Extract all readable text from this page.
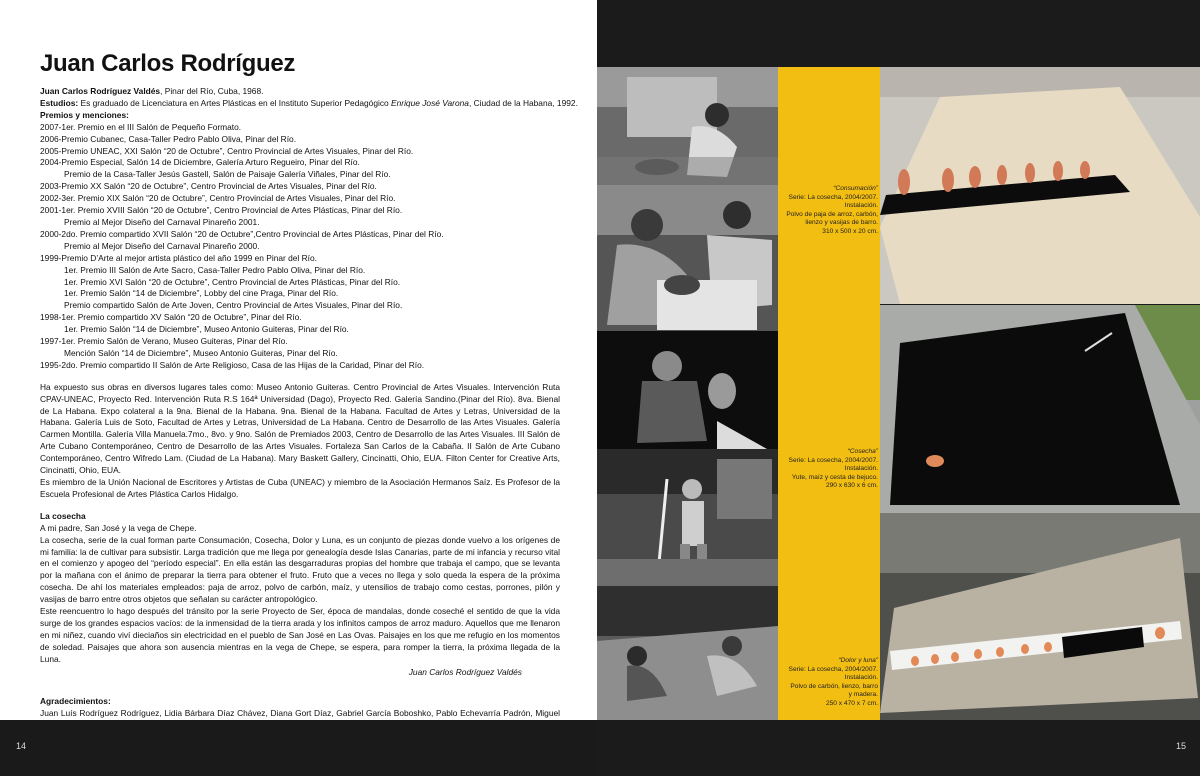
Juan Carlos Rodríguez
Juan Carlos Rodríguez Valdés, Pinar del Río, Cuba, 1968.
Estudios: Es graduado de Licenciatura en Artes Plásticas en el Instituto Superior Pedagógico Enrique José Varona, Ciudad de la Habana, 1992.
Premios y menciones:
2007-1er. Premio en el III Salón de Pequeño Formato.
2006-Premio Cubanec, Casa-Taller Pedro Pablo Oliva, Pinar del Río.
2005-Premio UNEAC, XXI Salón “20 de Octubre”, Centro Provincial de Artes Visuales, Pinar del Río.
2004-Premio Especial, Salón 14 de Diciembre, Galería Arturo Regueiro, Pinar del Río.
Premio de la Casa-Taller Jesús Gastell, Salón de Paisaje Galería Viñales, Pinar del Río.
2003-Premio XX Salón “20 de Octubre”, Centro Provincial de Artes Visuales, Pinar del Río.
2002-3er. Premio XIX Salón “20 de Octubre”, Centro Provincial de Artes Visuales, Pinar del Río.
2001-1er. Premio XVIII Salón “20 de Octubre”, Centro Provincial de Artes Plásticas, Pinar del Río.
Premio al Mejor Diseño del Carnaval Pinareño 2001.
2000-2do. Premio compartido XVII Salón “20 de Octubre”,Centro Provincial de Artes Plásticas, Pinar del Río.
Premio al Mejor Diseño del Carnaval Pinareño 2000.
1999-Premio D’Arte al mejor artista plástico del año 1999 en Pinar del Río.
1er. Premio III Salón de Arte Sacro, Casa-Taller Pedro Pablo Oliva, Pinar del Río.
1er. Premio XVI Salón “20 de Octubre”, Centro Provincial de Artes Plásticas, Pinar del Río.
1er. Premio Salón “14 de Diciembre”, Lobby del cine Praga, Pinar del Río.
Premio compartido Salón de Arte Joven, Centro Provincial de Artes Visuales, Pinar del Río.
1998-1er. Premio compartido XV Salón “20 de Octubre”, Pinar del Río.
1er. Premio Salón “14 de Diciembre”, Museo Antonio Guiteras, Pinar del Río.
1997-1er. Premio Salón de Verano, Museo Guiteras, Pinar del Río.
Mención Salón “14 de Diciembre”, Museo Antonio Guiteras, Pinar del Río.
1995-2do. Premio compartido II Salón de Arte Religioso, Casa de las Hijas de la Caridad, Pinar del Río.

Ha expuesto sus obras en diversos lugares tales como: Museo Antonio Guiteras. Centro Provincial de Artes Visuales. Intervención Ruta CPAV-UNEAC, Proyecto Red. Intervención Ruta R.S 164ª Universidad (Dago), Proyecto Red. Galería Sandino.(Pinar del Río). 8va. Bienal de La Habana. Expo colateral a la 9na. Bienal de la Habana. 9na. Bienal de la Habana. Facultad de Artes y Letras, Universidad de la Habana. Galería Luis de Soto, Facultad de Artes y Letras, Universidad de La Habana. Centro de Desarrollo de las Artes Visuales. Galería Carmen Montilla. Galería Villa Manuela.7mo., 8vo. y 9no. Salón de Premiados 2003, Centro de Desarrollo de las Artes Visuales. III Salón de Arte Cubano Contemporáneo, Centro de Desarrollo de las Artes Visuales. Fortaleza San Carlos de la Cabaña. II Salón de Arte Cubano Contemporáneo, Centro Wifredo Lam. (Ciudad de La Habana). Mary Baskett Gallery, Cincinatti, Ohio, EUA. Filton Center for Creative Arts, Cincinatti, Ohio, EUA.

Es miembro de la Unión Nacional de Escritores y Artistas de Cuba (UNEAC) y miembro de la Asociación Hermanos Saíz. Es Profesor de la Escuela Profesional de Artes Plástica Carlos Hidalgo.

La cosecha
A mi padre, San José y la vega de Chepe.

La cosecha, serie de la cual forman parte Consumación, Cosecha, Dolor y Luna, es un conjunto de piezas donde vuelvo a los orígenes de mi familia: la de cultivar para subsistir. Larga tradición que me llega por genealogía desde Islas Canarias, parte de mi infancia y recurso vital en el comienzo y apogeo del “período especial”. En ella están las desgarraduras propias del hombre que trabaja el campo, que se levanta por la mañana con el ánimo de preparar la tierra para obtener el fruto. Fruto que a veces no llega y solo queda la espera de la próxima cosecha. De ahí los materiales empleados: paja de arroz, polvo de carbón, maíz, y utensilios de trabajo como cestas, porrones, pilón y vasijas de barro entre otros objetos que señalan su carácter antropológico.

Este reencuentro lo hago después del tránsito por la serie Proyecto de Ser, época de mandalas, donde coseché el sentido de que la vida surge de los grandes espacios vacíos: de la inmensidad de la tierra arada y los infinitos campos de arroz maduro. Aquellos que me llenaron en mi niñez, cuando viví dieciaños sin electricidad en el pueblo de San José en Las Ovas. Paisajes en los que me refugio en los momentos de soledad. Paisajes que ahora son ausencia mientras en la vega de Chepe, se espera, para romper la tierra, la próxima llegada de la Luna.

Juan Carlos Rodríguez Valdés
Agradecimientos:

Juan Luís Rodríguez Rodríguez, Lidia Bárbara Díaz Chávez, Diana Gort Díaz, Gabriel García Boboshko, Pablo Echevarría Padrón, Miguel

14
“Consumación”
Serie: La cosecha, 2004/2007.
Instalación.
Polvo de paja de arroz, carbón,
lienzo y vasijas de barro.
310 x 500 x 20 cm.
“Cosecha”
Serie: La cosecha, 2004/2007.
Instalación.
Yute, maíz y cesta de bejuco.
290 x 630 x 6 cm.
“Dolor y luna”
Serie: La cosecha, 2004/2007.
Instalación.
Polvo de carbón, lienzo, barro
y madera.
250 x 470 x 7 cm.
15
